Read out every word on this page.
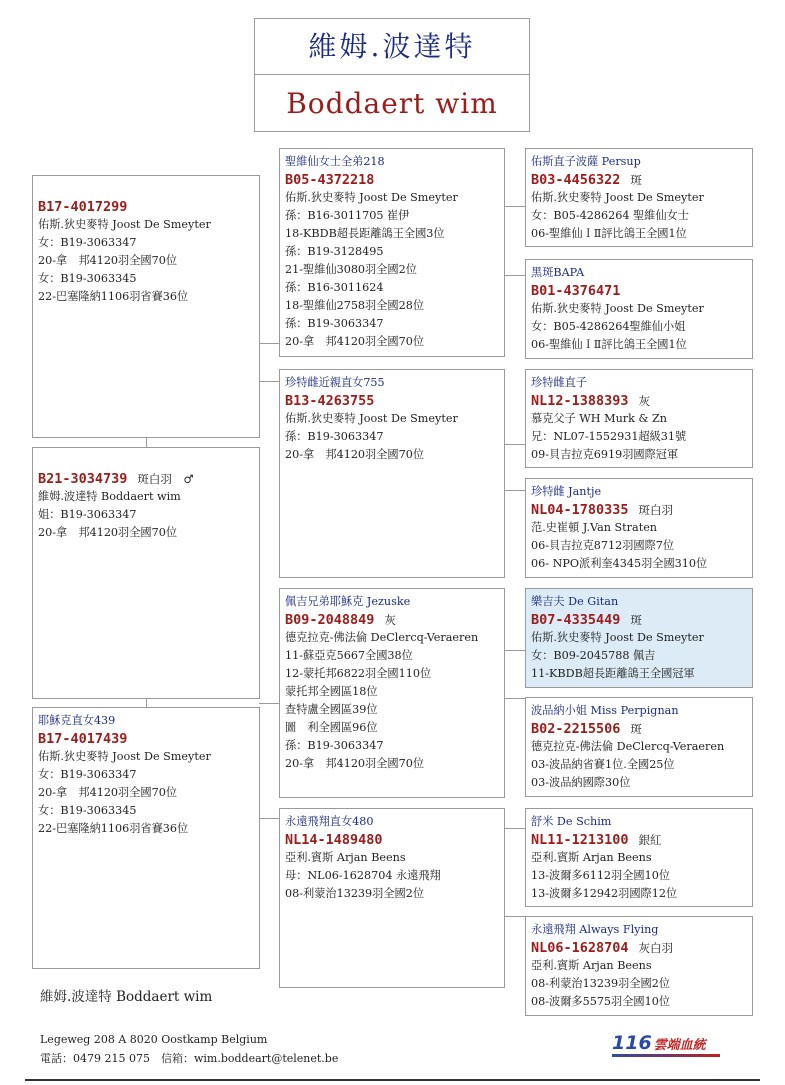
維姆.波達特
Boddaert wim
B17-4017299
佑斯.狄史麥特 Joost De Smeyter
女：B19-3063347
20-拿　邦4120羽全國70位
女：B19-3063345
22-巴塞隆納1106羽省賽36位
B21-3034739 斑白羽　♂
維姆.波達特 Boddaert wim
姐：B19-3063347
20-拿　邦4120羽全國70位
耶穌克直女439
B17-4017439
佑斯.狄史麥特 Joost De Smeyter
女：B19-3063347
20-拿　邦4120羽全國70位
女：B19-3063345
22-巴塞隆納1106羽省賽36位
聖維仙女士全弟218
B05-4372218
佑斯.狄史麥特 Joost De Smeyter
孫：B16-3011705 崔伊
18-KBDB超長距離鴿王全國3位
孫：B19-3128495
21-聖維仙3080羽全國2位
孫：B16-3011624
18-聖維仙2758羽全國28位
孫：B19-3063347
20-拿　邦4120羽全國70位
珍特雌近親直女755
B13-4263755
佑斯.狄史麥特 Joost De Smeyter
孫：B19-3063347
20-拿　邦4120羽全國70位
佩吉兄弟耶穌克 Jezuske
B09-2048849 灰
德克拉克-佛法倫 DeClercq-Veraeren
11-蘇亞克5667全國38位
12-蒙托邦6822羽全國110位
蒙托邦全國區18位
查特盧全國區39位
圖　利全國區96位
孫：B19-3063347
20-拿　邦4120羽全國70位
永遠飛翔直女480
NL14-1489480
亞利.賓斯 Arjan Beens
母：NL06-1628704 永遠飛翔
08-利蒙治13239羽全國2位
佑斯直子波薩 Persup
B03-4456322 斑
佑斯.狄史麥特 Joost De Smeyter
女：B05-4286264 聖維仙女士
06-聖維仙ＩⅡ評比鴿王全國1位
黑斑BAPA
B01-4376471
佑斯.狄史麥特 Joost De Smeyter
女：B05-4286264聖維仙小姐
06-聖維仙ＩⅡ評比鴿王全國1位
珍特雌直子
NL12-1388393 灰
慕克父子 WH Murk & Zn
兄：NL07-1552931超級31號
09-貝吉拉克6919羽國際冠軍
珍特雌 Jantje
NL04-1780335 斑白羽
范.史崔頓 J.Van Straten
06-貝吉拉克8712羽國際7位
06- NPO派利奎4345羽全國310位
樂吉夫 De Gitan
B07-4335449 斑
佑斯.狄史麥特 Joost De Smeyter
女：B09-2045788 佩吉
11-KBDB超長距離鴿王全國冠軍
波品納小姐 Miss Perpignan
B02-2215506 斑
德克拉克-佛法倫 DeClercq-Veraeren
03-波品納省賽1位.全國25位
03-波品納國際30位
舒米 De Schim
NL11-1213100 銀紅
亞利.賓斯 Arjan Beens
13-波爾多6112羽全國10位
13-波爾多12942羽國際12位
永遠飛翔 Always Flying
NL06-1628704 灰白羽
亞利.賓斯 Arjan Beens
08-利蒙治13239羽全國2位
08-波爾多5575羽全國10位
維姆.波達特 Boddaert wim
Legeweg 208 A 8020 Oostkamp Belgium
電話：0479 215 075　信箱：wim.boddeart@telenet.be
116 雲端血統
